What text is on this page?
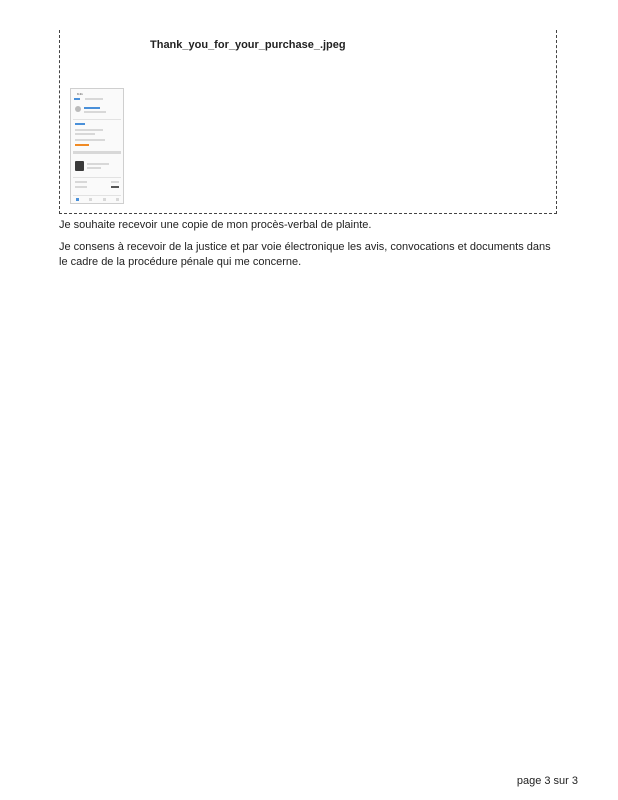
Thank_you_for_your_purchase_.jpeg
9:41

Je souhaite recevoir une copie de mon procès-verbal de plainte.

Je consens à recevoir de la justice et par voie électronique les avis, convocations et documents dans le cadre de la procédure pénale qui me concerne.

page 3 sur 3
